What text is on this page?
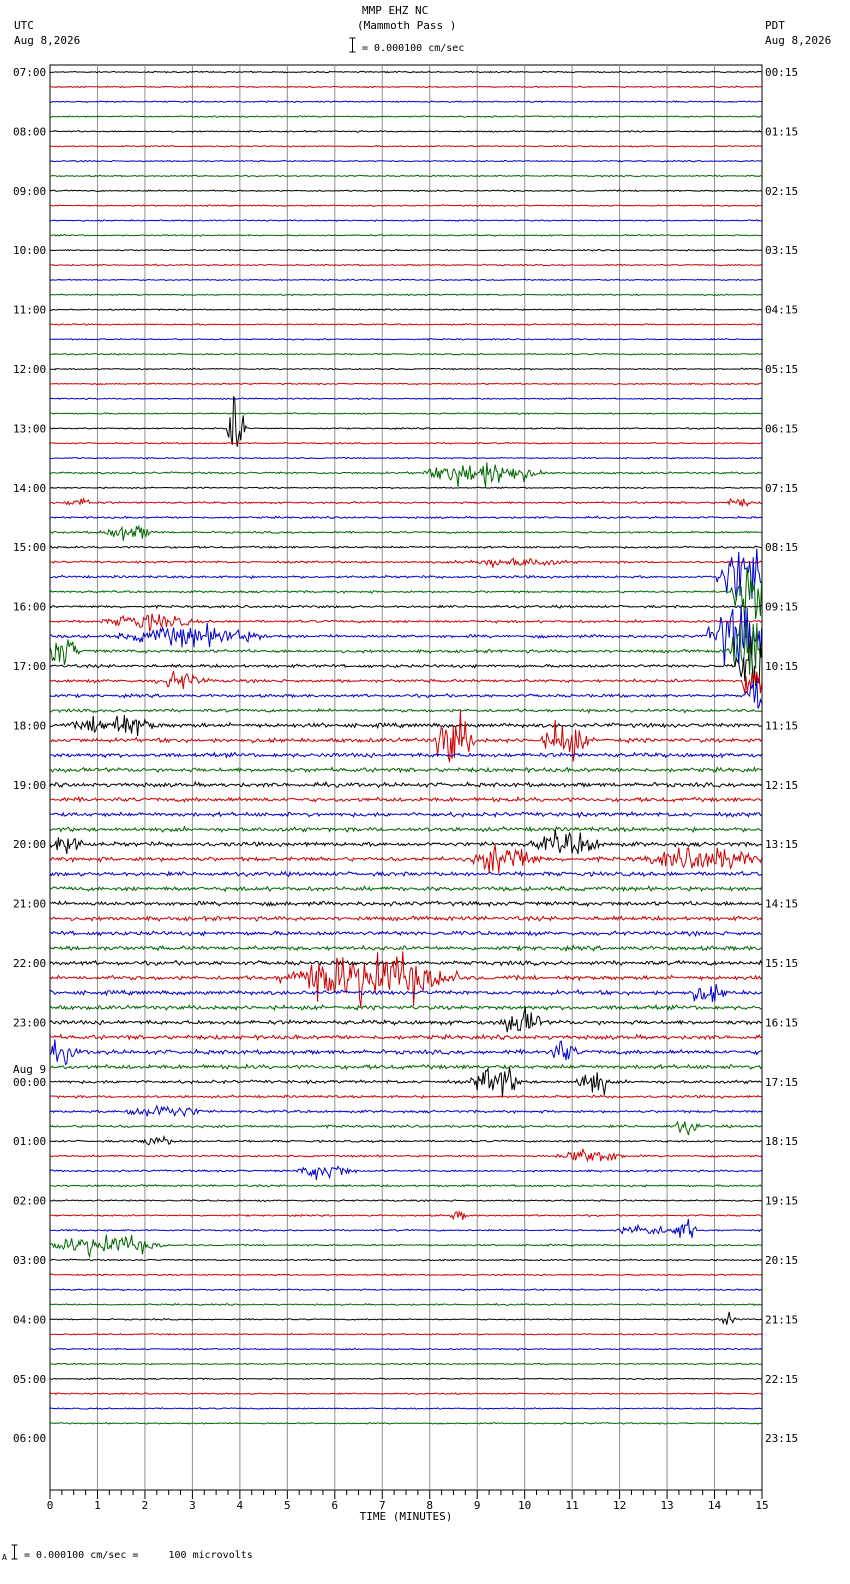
MMP EHZ NC
(Mammoth Pass )
UTC
Aug 8,2026
PDT
Aug 8,2026
= 0.000100 cm/sec
07:00
08:00
09:00
10:00
11:00
12:00
13:00
14:00
15:00
16:00
17:00
18:00
19:00
20:00
21:00
22:00
23:00
00:00
01:00
02:00
03:00
04:00
05:00
06:00
Aug 9
00:15
01:15
02:15
03:15
04:15
05:15
06:15
07:15
08:15
09:15
10:15
11:15
12:15
13:15
14:15
15:15
16:15
17:15
18:15
19:15
20:15
21:15
22:15
23:15
0	1	2	3	4	5	6	7	8	9	10	11	12	13	14	15
TIME (MINUTES)
A = 0.000100 cm/sec =     100 microvolts
